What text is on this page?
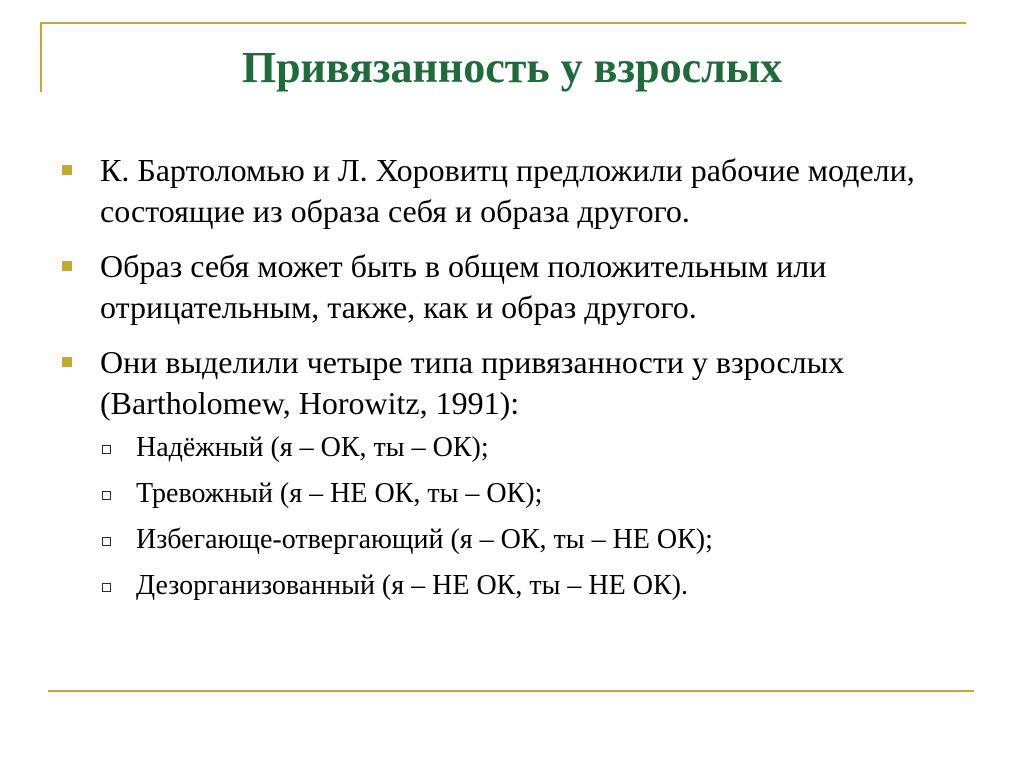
Привязанность у взрослых
К. Бартоломью и Л. Хоровитц предложили рабочие модели, состоящие из образа себя и образа другого.
Образ себя может быть в общем положительным или отрицательным, также, как и образ другого.
Они выделили четыре типа привязанности у взрослых (Bartholomew, Horowitz, 1991):
Надёжный (я – ОК, ты – ОК);
Тревожный (я – НЕ ОК, ты – ОК);
Избегающе-отвергающий (я – ОК, ты – НЕ ОК);
Дезорганизованный (я – НЕ ОК, ты – НЕ ОК).
